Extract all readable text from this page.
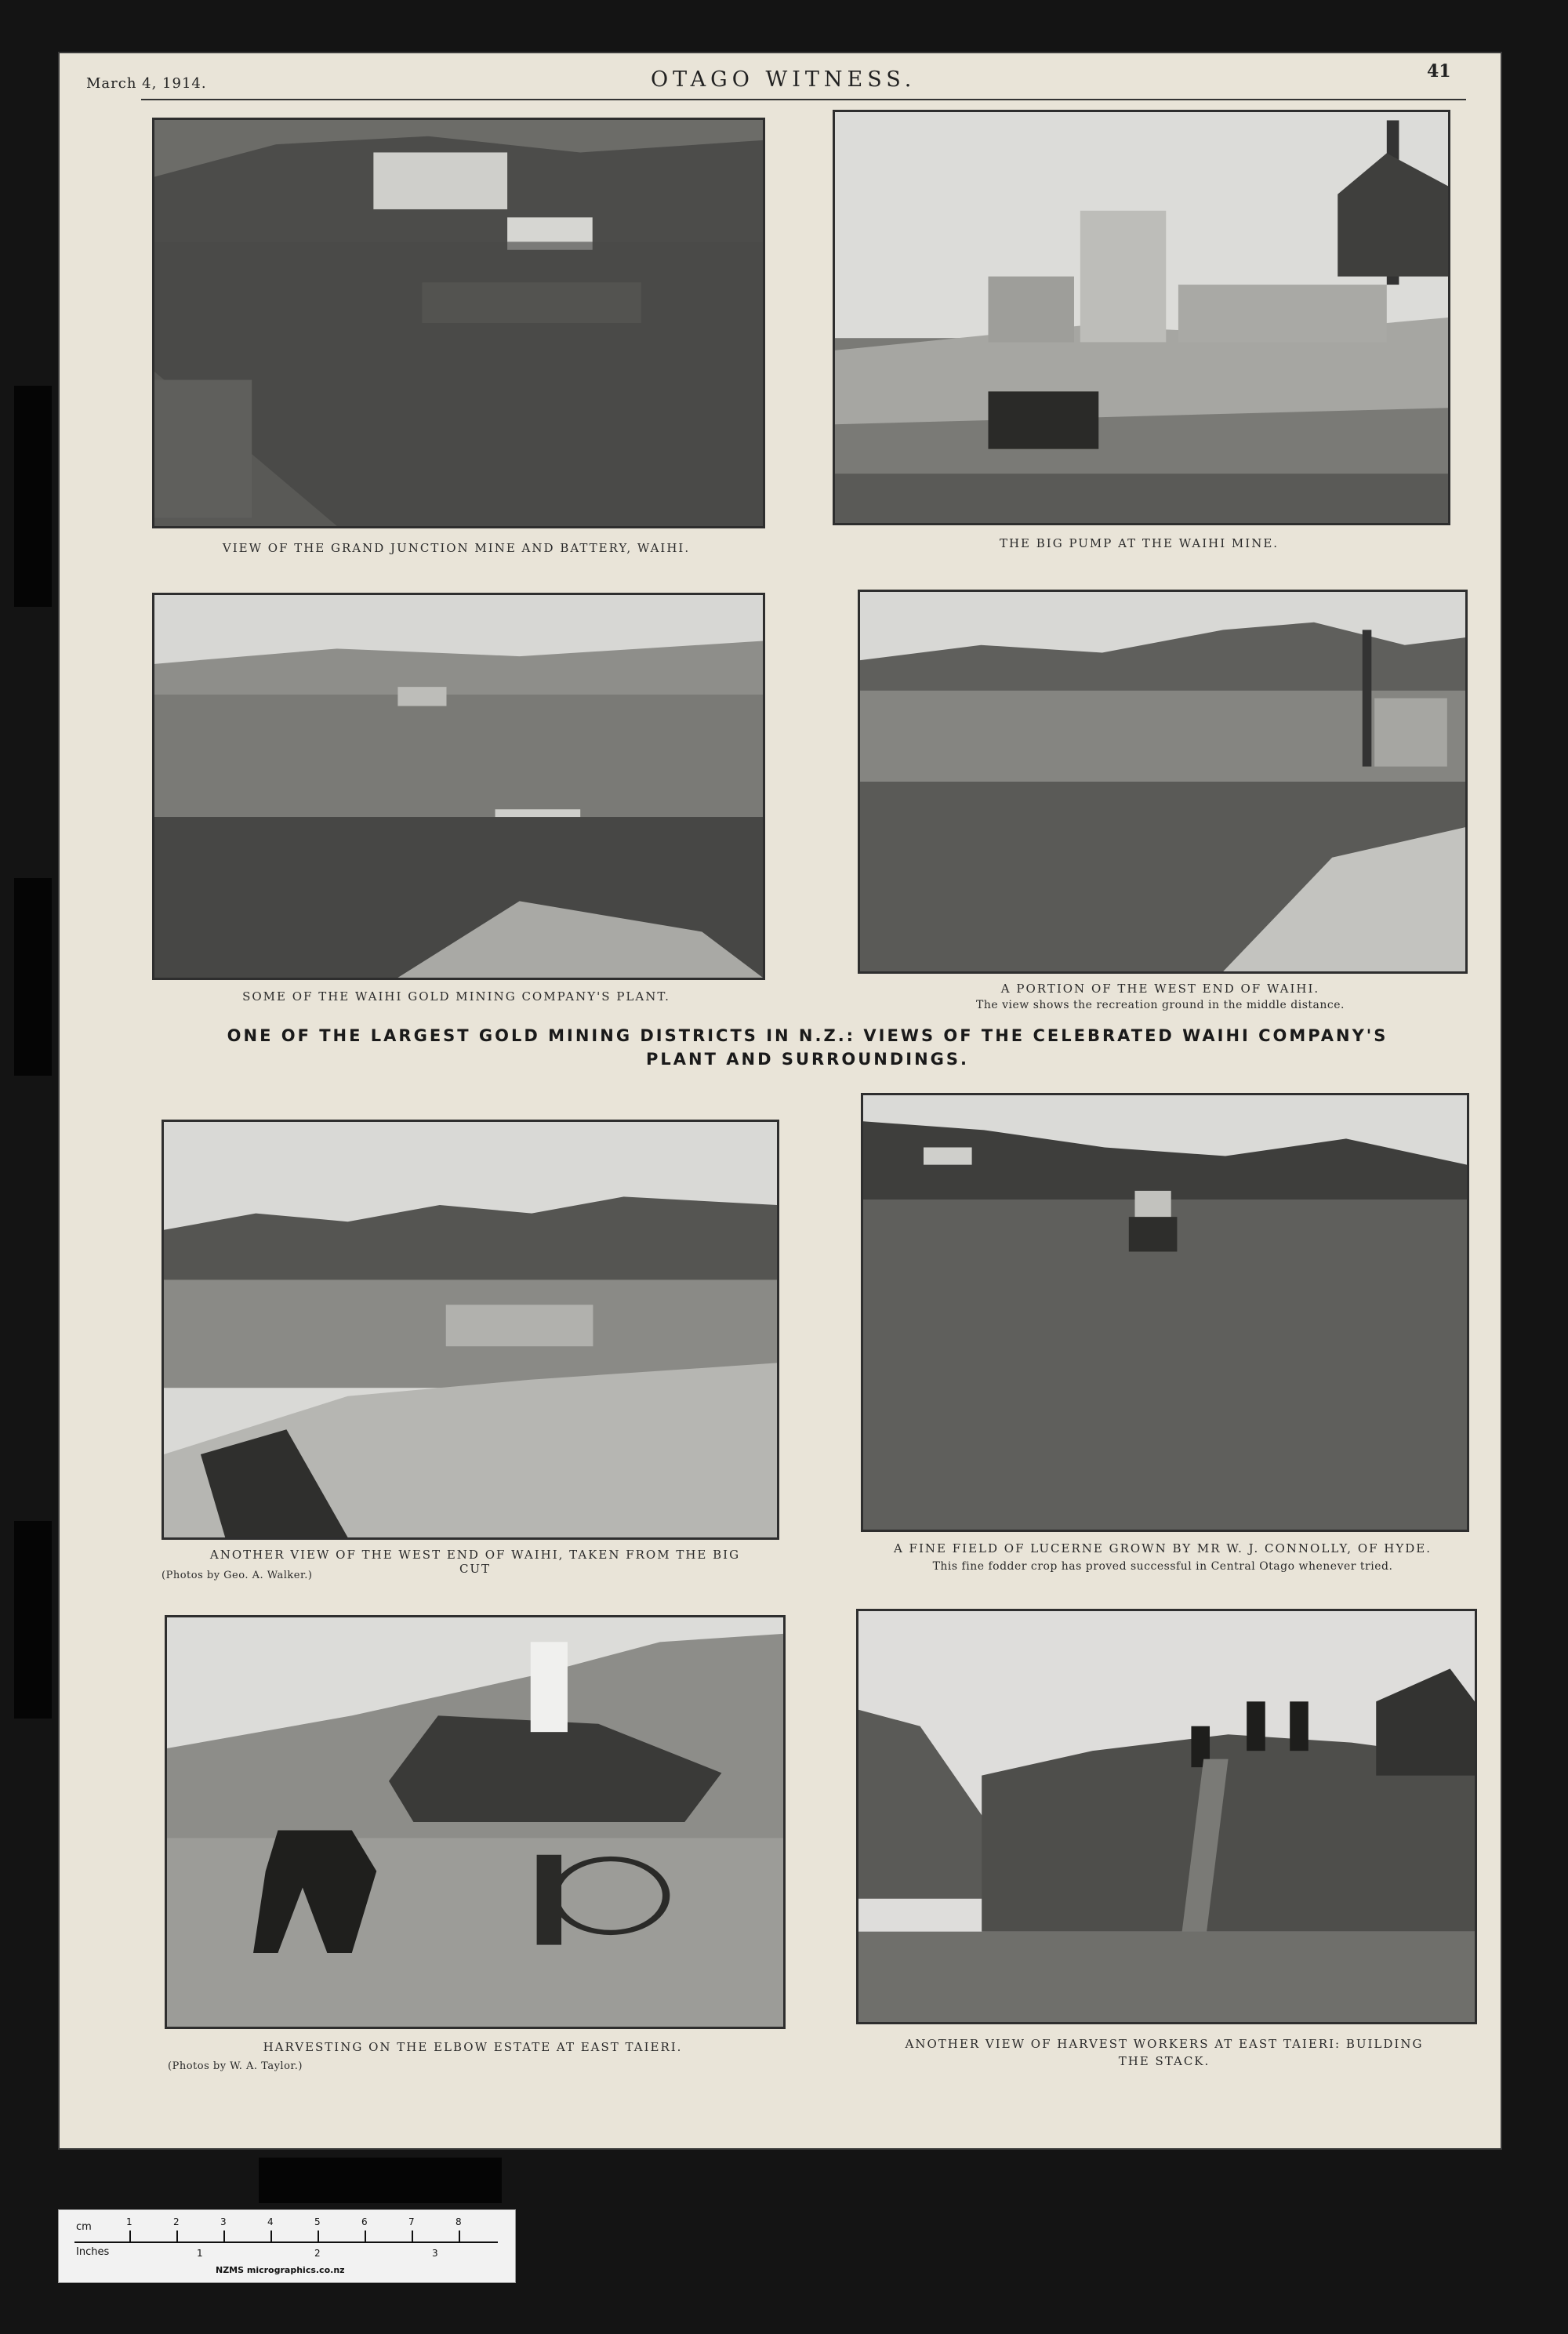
March 4, 1914.	OTAGO WITNESS.	41
VIEW OF THE GRAND JUNCTION MINE AND BATTERY, WAIHI.	THE BIG PUMP AT THE WAIHI MINE.
SOME OF THE WAIHI GOLD MINING COMPANY'S PLANT.
A PORTION OF THE WEST END OF WAIHI.
The view shows the recreation ground in the middle distance.
ONE OF THE LARGEST GOLD MINING DISTRICTS IN N.Z.: VIEWS OF THE CELEBRATED WAIHI COMPANY'S PLANT AND SURROUNDINGS.
ANOTHER VIEW OF THE WEST END OF WAIHI, TAKEN FROM THE BIG CUT
(Photos by Geo. A. Walker.)
A FINE FIELD OF LUCERNE GROWN BY MR W. J. CONNOLLY, OF HYDE.
This fine fodder crop has proved successful in Central Otago whenever tried.
HARVESTING ON THE ELBOW ESTATE AT EAST TAIERI.
(Photos by W. A. Taylor.)
ANOTHER VIEW OF HARVEST WORKERS AT EAST TAIERI: BUILDING THE STACK.
cm
Inches
1	2	3	4	5	6	7	8
1	2	3
NZMS micrographics.co.nz
